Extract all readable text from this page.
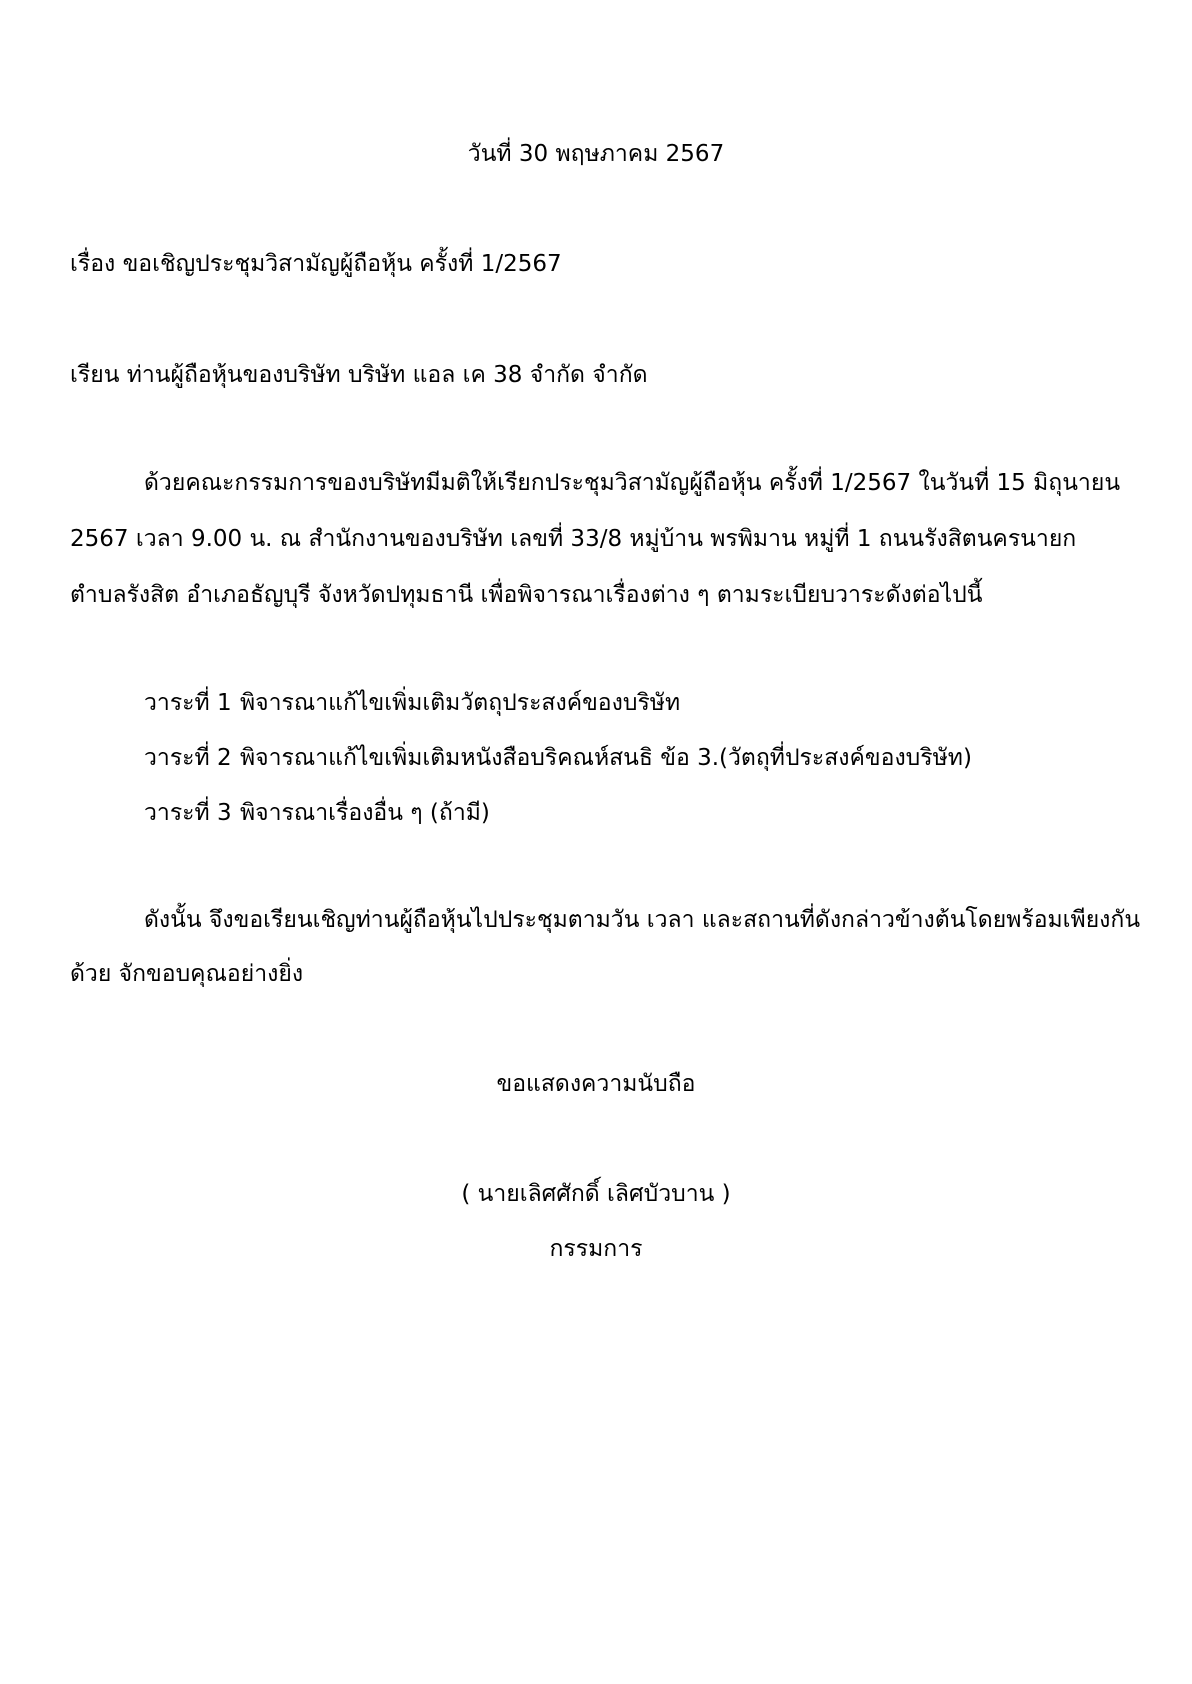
วันที่ 30 พฤษภาคม 2567
เรื่อง ขอเชิญประชุมวิสามัญผู้ถือหุ้น ครั้งที่ 1/2567
เรียน ท่านผู้ถือหุ้นของบริษัท บริษัท แอล เค 38 จำกัด จำกัด
ด้วยคณะกรรมการของบริษัทมีมติให้เรียกประชุมวิสามัญผู้ถือหุ้น ครั้งที่ 1/2567 ในวันที่ 15 มิถุนายน
2567 เวลา 9.00 น. ณ สำนักงานของบริษัท เลขที่ 33/8 หมู่บ้าน พรพิมาน หมู่ที่ 1 ถนนรังสิตนครนายก
ตำบลรังสิต อำเภอธัญบุรี จังหวัดปทุมธานี เพื่อพิจารณาเรื่องต่าง ๆ ตามระเบียบวาระดังต่อไปนี้
วาระที่ 1 พิจารณาแก้ไขเพิ่มเติมวัตถุประสงค์ของบริษัท
วาระที่ 2 พิจารณาแก้ไขเพิ่มเติมหนังสือบริคณห์สนธิ ข้อ 3.(วัตถุที่ประสงค์ของบริษัท)
วาระที่ 3 พิจารณาเรื่องอื่น ๆ (ถ้ามี)
ดังนั้น จึงขอเรียนเชิญท่านผู้ถือหุ้นไปประชุมตามวัน เวลา และสถานที่ดังกล่าวข้างต้นโดยพร้อมเพียงกัน
ด้วย จักขอบคุณอย่างยิ่ง
ขอแสดงความนับถือ
( นายเลิศศักดิ์ เลิศบัวบาน )
กรรมการ
